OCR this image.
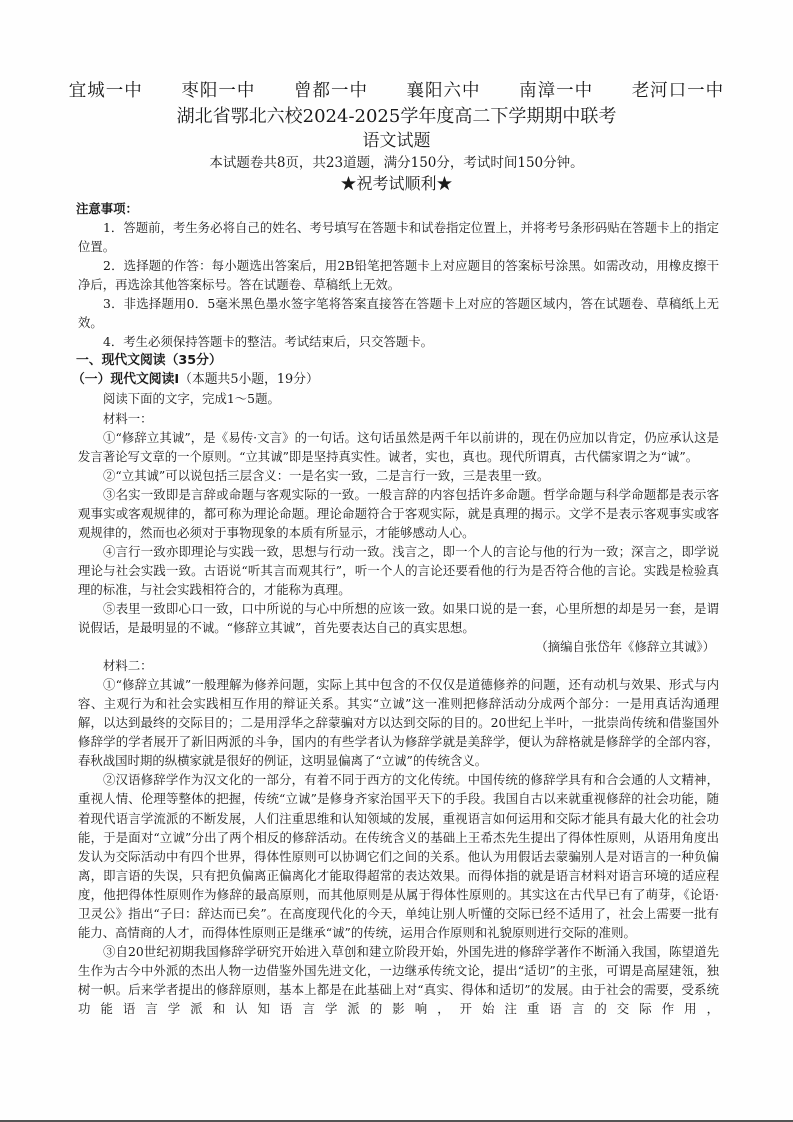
宜城一中 枣阳一中 曾都一中 襄阳六中 南漳一中 老河口一中
湖北省鄂北六校2024-2025学年度高二下学期期中联考
语文试题
本试题卷共8页，共23道题，满分150分，考试时间150分钟。
★祝考试顺利★

注意事项：

1．答题前，考生务必将自己的姓名、考号填写在答题卡和试卷指定位置上，并将考号条形码贴在答题卡上的指定位置。

2．选择题的作答：每小题选出答案后，用2B铅笔把答题卡上对应题目的答案标号涂黑。如需改动，用橡皮擦干净后，再选涂其他答案标号。答在试题卷、草稿纸上无效。

3．非选择题用0．5毫米黑色墨水签字笔将答案直接答在答题卡上对应的答题区域内，答在试题卷、草稿纸上无效。

4．考生必须保持答题卡的整洁。考试结束后，只交答题卡。

一、现代文阅读（35分）

（一）现代文阅读Ⅰ（本题共5小题，19分）

阅读下面的文字，完成1～5题。

材料一：

①“修辞立其诚”，是《易传·文言》的一句话。这句话虽然是两千年以前讲的，现在仍应加以肯定，仍应承认这是发言著论写文章的一个原则。“立其诚”即是坚持真实性。诚者，实也，真也。现代所谓真，古代儒家谓之为“诚”。

②“立其诚”可以说包括三层含义：一是名实一致，二是言行一致，三是表里一致。

③名实一致即是言辞或命题与客观实际的一致。一般言辞的内容包括许多命题。哲学命题与科学命题都是表示客观事实或客观规律的，都可称为理论命题。理论命题符合于客观实际，就是真理的揭示。文学不是表示客观事实或客观规律的，然而也必须对于事物现象的本质有所显示，才能够感动人心。

④言行一致亦即理论与实践一致，思想与行动一致。浅言之，即一个人的言论与他的行为一致；深言之，即学说理论与社会实践一致。古语说“听其言而观其行”，听一个人的言论还要看他的行为是否符合他的言论。实践是检验真理的标准，与社会实践相符合的，才能称为真理。

⑤表里一致即心口一致，口中所说的与心中所想的应该一致。如果口说的是一套，心里所想的却是另一套，是谓说假话，是最明显的不诚。“修辞立其诚”，首先要表达自己的真实思想。

（摘编自张岱年《修辞立其诚》）

材料二：

①“修辞立其诚”一般理解为修养问题，实际上其中包含的不仅仅是道德修养的问题，还有动机与效果、形式与内容、主观行为和社会实践相互作用的辩证关系。其实“立诚”这一准则把修辞活动分成两个部分：一是用真话沟通理解，以达到最终的交际目的；二是用浮华之辞蒙骗对方以达到交际的目的。20世纪上半叶，一批崇尚传统和借鉴国外修辞学的学者展开了新旧两派的斗争，国内的有些学者认为修辞学就是美辞学，便认为辞格就是修辞学的全部内容，春秋战国时期的纵横家就是很好的例证，这明显偏离了“立诚”的传统含义。

②汉语修辞学作为汉文化的一部分，有着不同于西方的文化传统。中国传统的修辞学具有和合会通的人文精神，重视人情、伦理等整体的把握，传统“立诚”是修身齐家治国平天下的手段。我国自古以来就重视修辞的社会功能，随着现代语言学流派的不断发展，人们注重思维和认知领域的发展，重视语言如何运用和交际才能具有最大化的社会功能，于是面对“立诚”分出了两个相反的修辞活动。在传统含义的基础上王希杰先生提出了得体性原则，从语用角度出发认为交际活动中有四个世界，得体性原则可以协调它们之间的关系。他认为用假话去蒙骗别人是对语言的一种负偏离，即言语的失误，只有把负偏离正偏离化才能取得超常的表达效果。而得体指的就是语言材料对语言环境的适应程度，他把得体性原则作为修辞的最高原则，而其他原则是从属于得体性原则的。其实这在古代早已有了萌芽，《论语·卫灵公》指出“子曰：辞达而已矣”。在高度现代化的今天，单纯让别人听懂的交际已经不适用了，社会上需要一批有能力、高情商的人才，而得体性原则正是继承“诚”的传统，运用合作原则和礼貌原则进行交际的准则。

③自20世纪初期我国修辞学研究开始进入草创和建立阶段开始，外国先进的修辞学著作不断涌入我国，陈望道先生作为古今中外派的杰出人物一边借鉴外国先进文化，一边继承传统文论，提出“适切”的主张，可谓是高屋建瓴，独树一帜。后来学者提出的修辞原则，基本上都是在此基础上对“真实、得体和适切”的发展。由于社会的需要，受系统功能语言学派和认知语言学派的影响，开始注重语言的交际作用，
